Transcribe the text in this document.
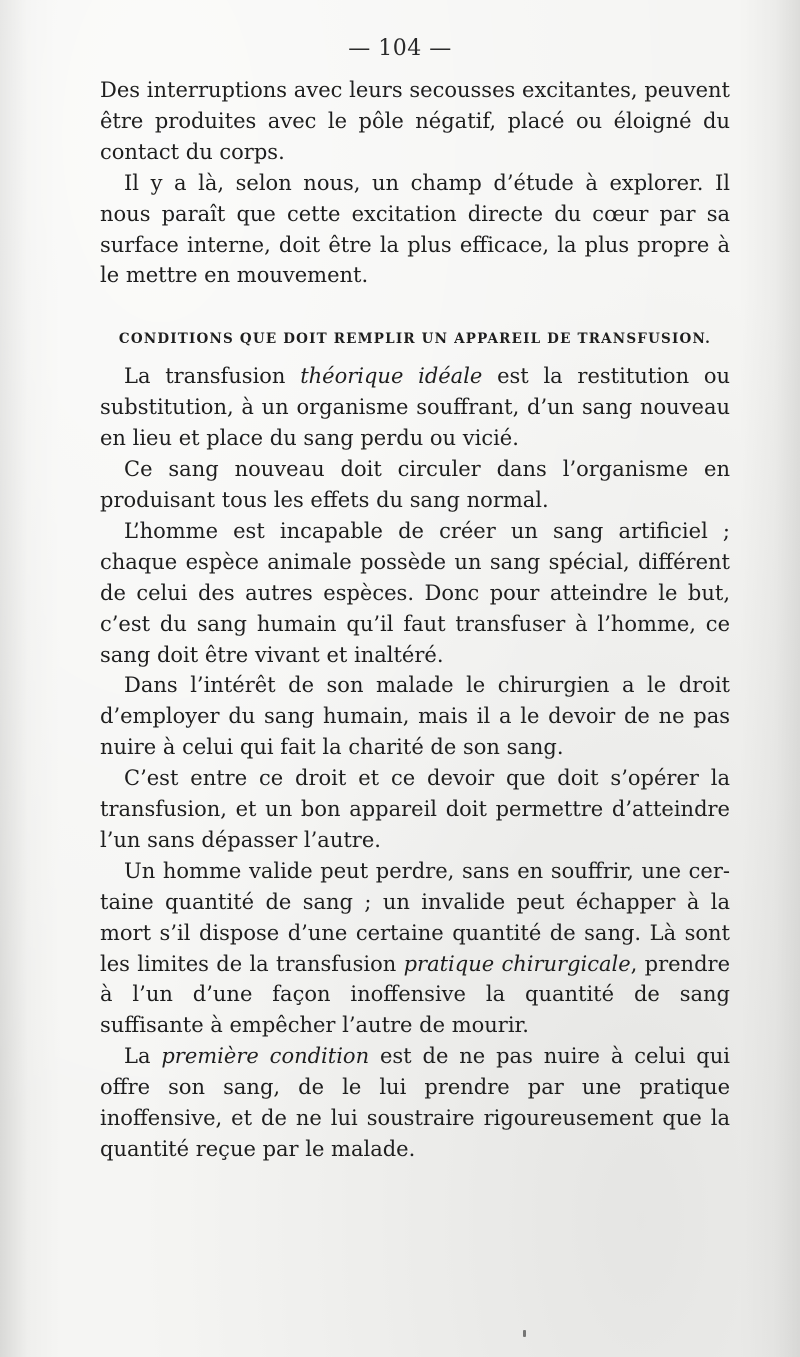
— 104 —

Des interruptions avec leurs secousses excitantes, peuvent être produites avec le pôle négatif, placé ou éloigné du contact du corps.

Il y a là, selon nous, un champ d’étude à explorer. Il nous paraît que cette excitation directe du cœur par sa surface interne, doit être la plus efficace, la plus propre à le mettre en mouvement.

CONDITIONS QUE DOIT REMPLIR UN APPAREIL DE TRANSFUSION.

La transfusion théorique idéale est la restitution ou substitution, à un organisme souffrant, d’un sang nouveau en lieu et place du sang perdu ou vicié.

Ce sang nouveau doit circuler dans l’organisme en produisant tous les effets du sang normal.

L’homme est incapable de créer un sang artificiel ; chaque espèce animale possède un sang spécial, différent de celui des autres espèces. Donc pour atteindre le but, c’est du sang humain qu’il faut transfuser à l’homme, ce sang doit être vivant et inaltéré.

Dans l’intérêt de son malade le chirurgien a le droit d’employer du sang humain, mais il a le devoir de ne pas nuire à celui qui fait la charité de son sang.

C’est entre ce droit et ce devoir que doit s’opérer la transfusion, et un bon appareil doit permettre d’atteindre l’un sans dépasser l’autre.

Un homme valide peut perdre, sans en souffrir, une certaine quantité de sang ; un invalide peut échapper à la mort s’il dispose d’une certaine quantité de sang. Là sont les limites de la transfusion pratique chirurgicale, prendre à l’un d’une façon inoffensive la quantité de sang suffisante à empêcher l’autre de mourir.

La première condition est de ne pas nuire à celui qui offre son sang, de le lui prendre par une pratique inoffensive, et de ne lui soustraire rigoureusement que la quantité reçue par le malade.
